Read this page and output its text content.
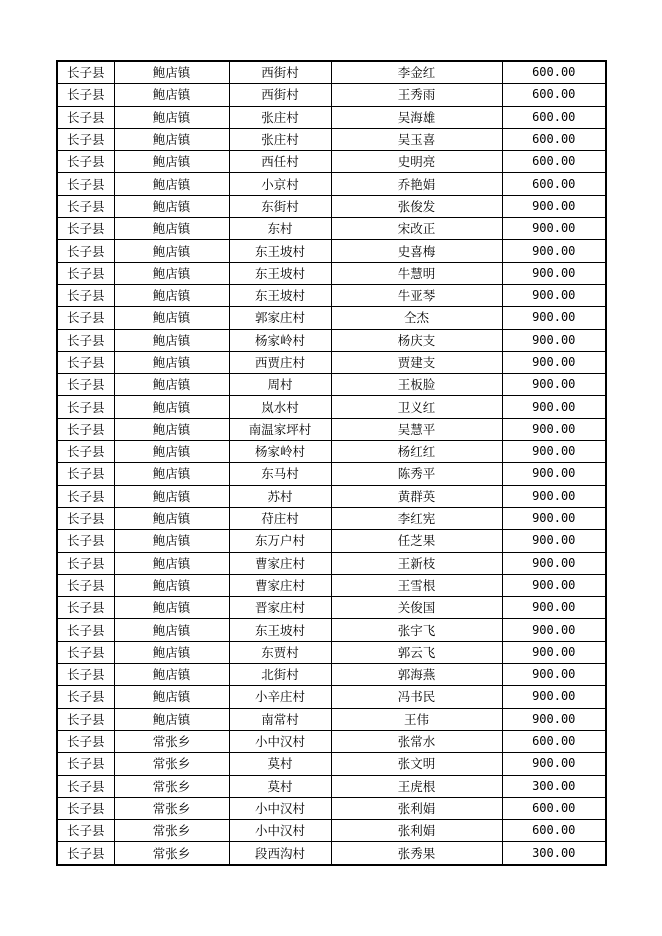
长子县	鲍店镇	西街村	李金红	600.00
长子县	鲍店镇	西街村	王秀雨	600.00
长子县	鲍店镇	张庄村	吴海雄	600.00
长子县	鲍店镇	张庄村	吴玉喜	600.00
长子县	鲍店镇	西任村	史明亮	600.00
长子县	鲍店镇	小京村	乔艳娟	600.00
长子县	鲍店镇	东街村	张俊发	900.00
长子县	鲍店镇	东村	宋改正	900.00
长子县	鲍店镇	东王坡村	史喜梅	900.00
长子县	鲍店镇	东王坡村	牛慧明	900.00
长子县	鲍店镇	东王坡村	牛亚琴	900.00
长子县	鲍店镇	郭家庄村	仝杰	900.00
长子县	鲍店镇	杨家岭村	杨庆支	900.00
长子县	鲍店镇	西贾庄村	贾建支	900.00
长子县	鲍店镇	周村	王板脸	900.00
长子县	鲍店镇	岚水村	卫义红	900.00
长子县	鲍店镇	南温家坪村	吴慧平	900.00
长子县	鲍店镇	杨家岭村	杨红红	900.00
长子县	鲍店镇	东马村	陈秀平	900.00
长子县	鲍店镇	苏村	黄群英	900.00
长子县	鲍店镇	苻庄村	李红宪	900.00
长子县	鲍店镇	东万户村	任芝果	900.00
长子县	鲍店镇	曹家庄村	王新枝	900.00
长子县	鲍店镇	曹家庄村	王雪根	900.00
长子县	鲍店镇	晋家庄村	关俊国	900.00
长子县	鲍店镇	东王坡村	张宇飞	900.00
长子县	鲍店镇	东贾村	郭云飞	900.00
长子县	鲍店镇	北街村	郭海燕	900.00
长子县	鲍店镇	小辛庄村	冯书民	900.00
长子县	鲍店镇	南常村	王伟	900.00
长子县	常张乡	小中汉村	张常水	600.00
长子县	常张乡	莫村	张文明	900.00
长子县	常张乡	莫村	王虎根	300.00
长子县	常张乡	小中汉村	张利娟	600.00
长子县	常张乡	小中汉村	张利娟	600.00
长子县	常张乡	段西沟村	张秀果	300.00
